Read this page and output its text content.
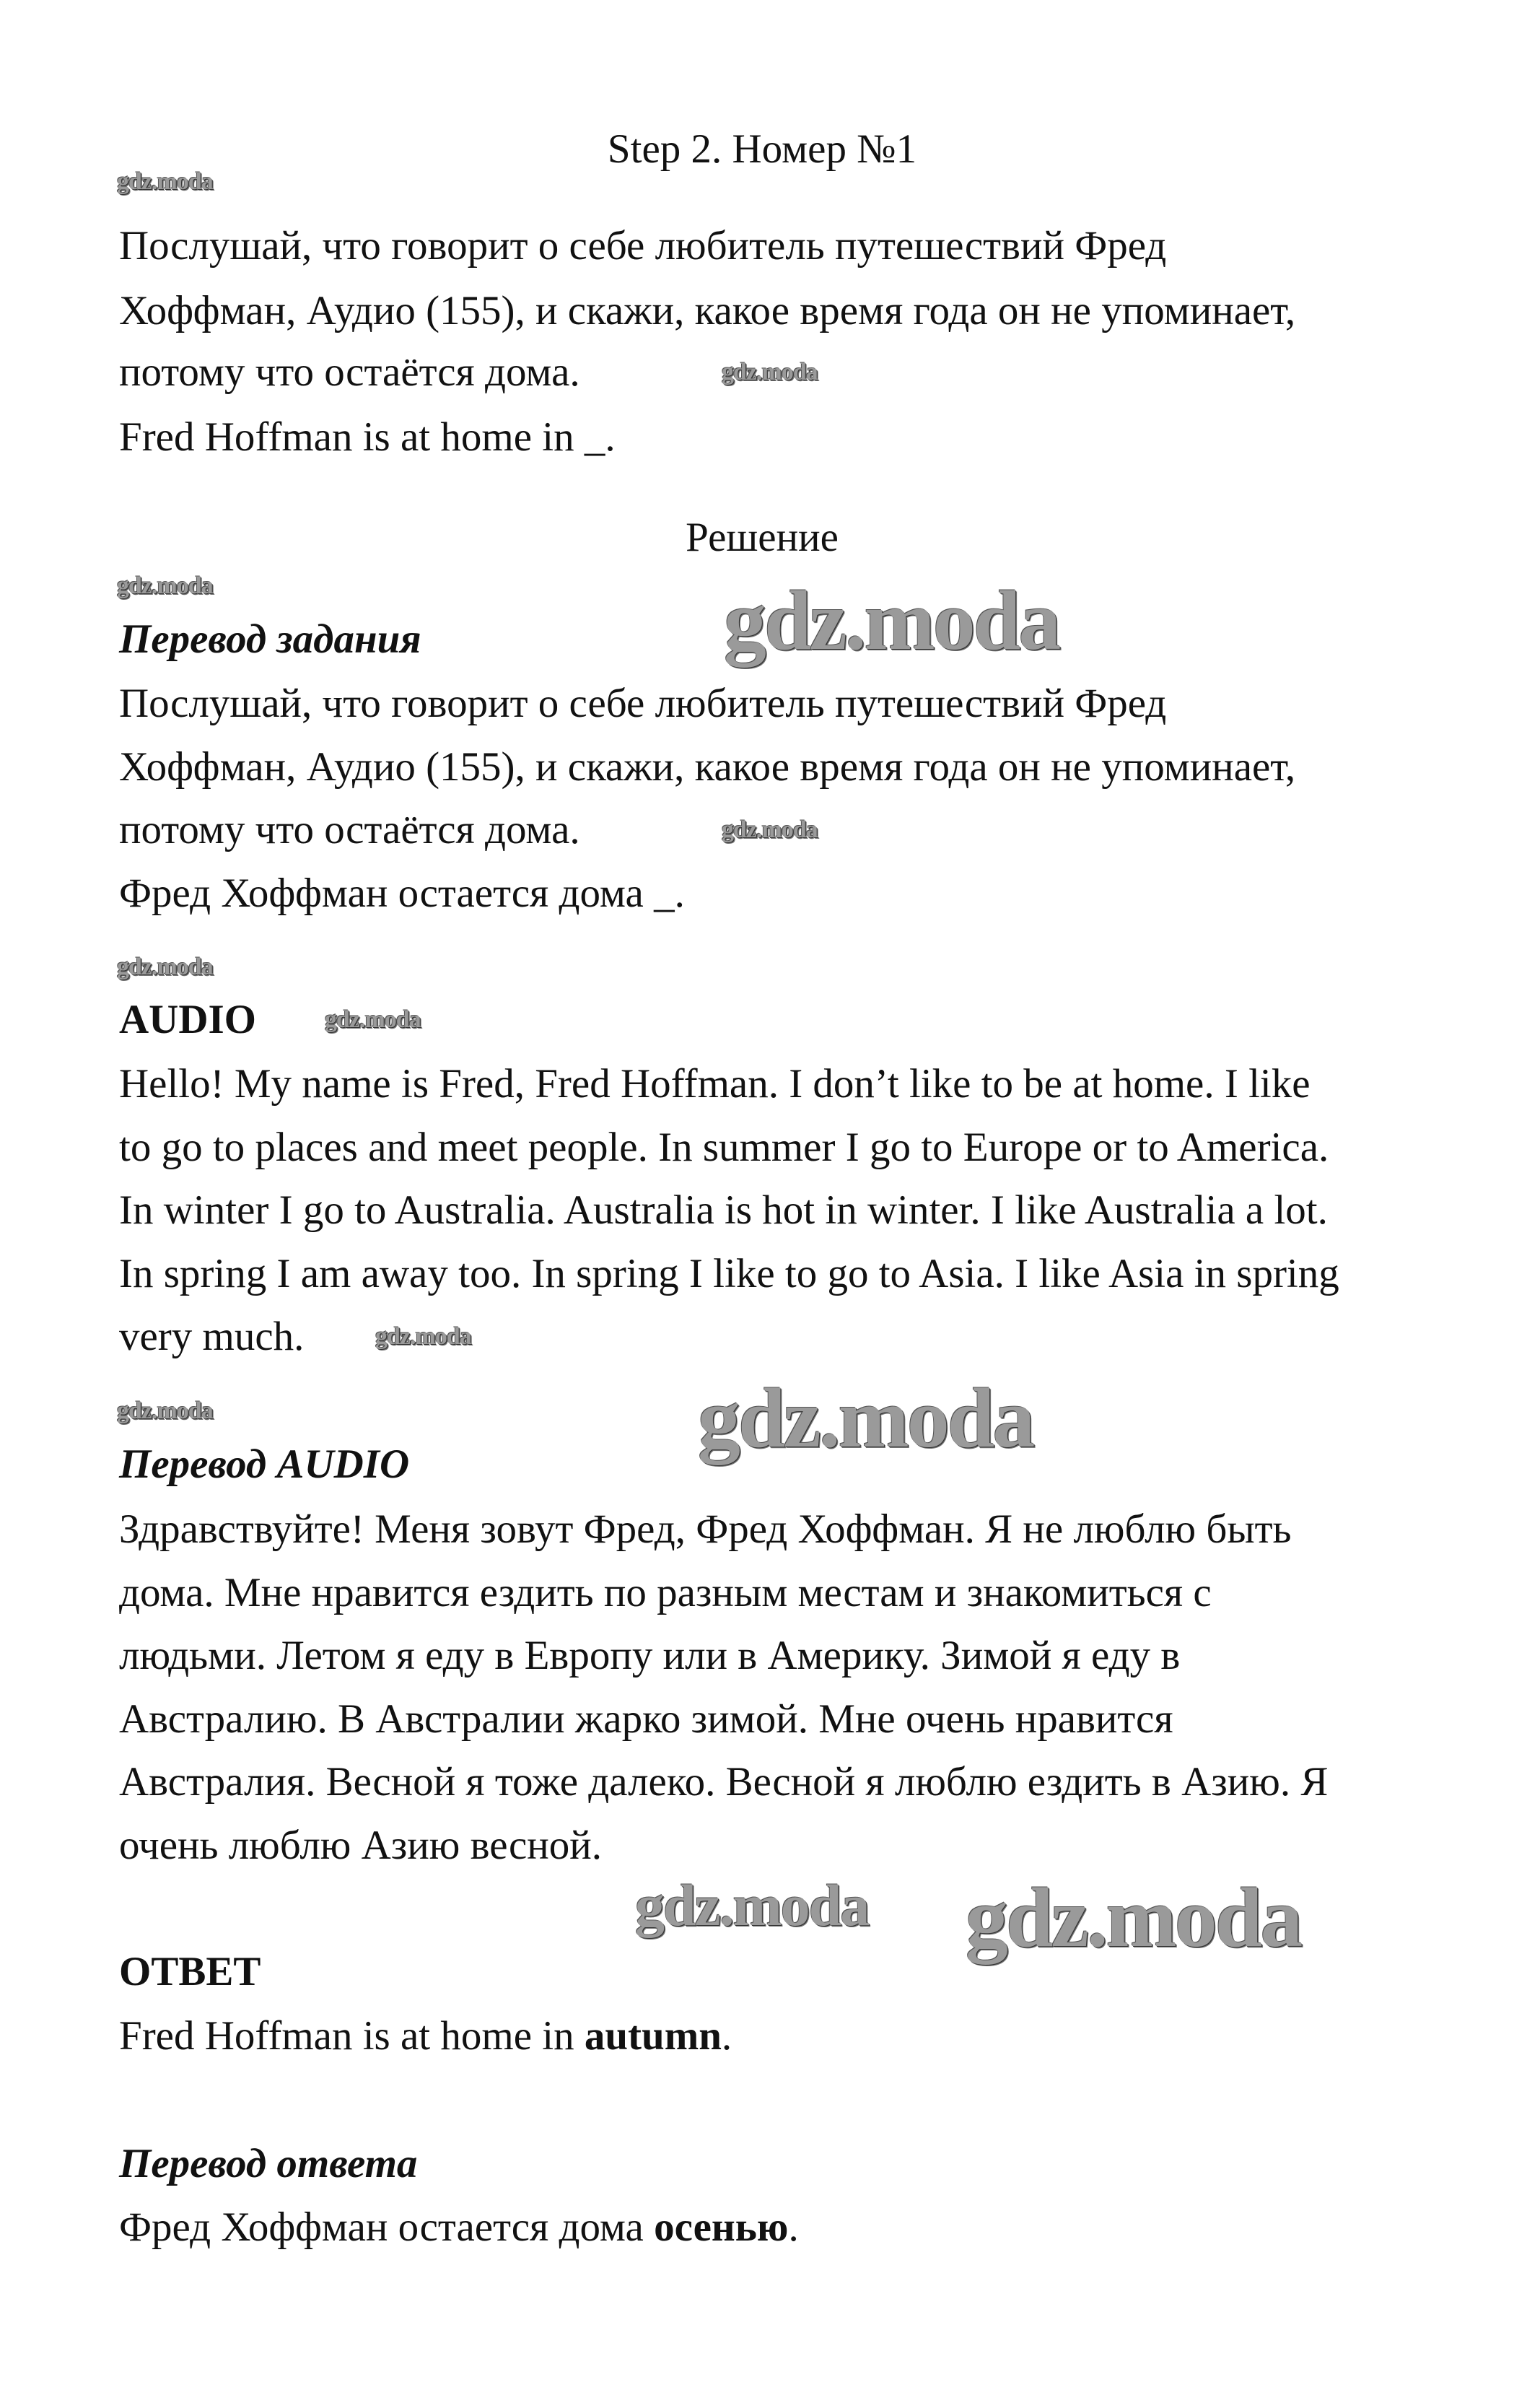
Step 2. Номер №1
gdz.moda
Послушай, что говорит о себе любитель путешествий Фред
Хоффман, Аудио (155), и скажи, какое время года он не упоминает,
потому что остаётся дома.	gdz.moda
Fred Hoffman is at home in _.
Решение
gdz.moda	gdz.moda
Перевод задания
Послушай, что говорит о себе любитель путешествий Фред
Хоффман, Аудио (155), и скажи, какое время года он не упоминает,
потому что остаётся дома.	gdz.moda
Фред Хоффман остается дома _.
gdz.moda
AUDIO	gdz.moda
Hello! My name is Fred, Fred Hoffman. I don’t like to be at home. I like
to go to places and meet people. In summer I go to Europe or to America.
In winter I go to Australia. Australia is hot in winter. I like Australia a lot.
In spring I am away too. In spring I like to go to Asia. I like Asia in spring
very much.	gdz.moda
gdz.moda
gdz.moda
Перевод AUDIO
Здравствуйте! Меня зовут Фред, Фред Хоффман. Я не люблю быть
дома. Мне нравится ездить по разным местам и знакомиться с
людьми. Летом я еду в Европу или в Америку. Зимой я еду в
Австралию. В Австралии жарко зимой. Мне очень нравится
Австралия. Весной я тоже далеко. Весной я люблю ездить в Азию. Я
очень люблю Азию весной.
gdz.moda gdz.moda
ОТВЕТ
Fred Hoffman is at home in autumn.
Перевод ответа
Фред Хоффман остается дома осенью.
